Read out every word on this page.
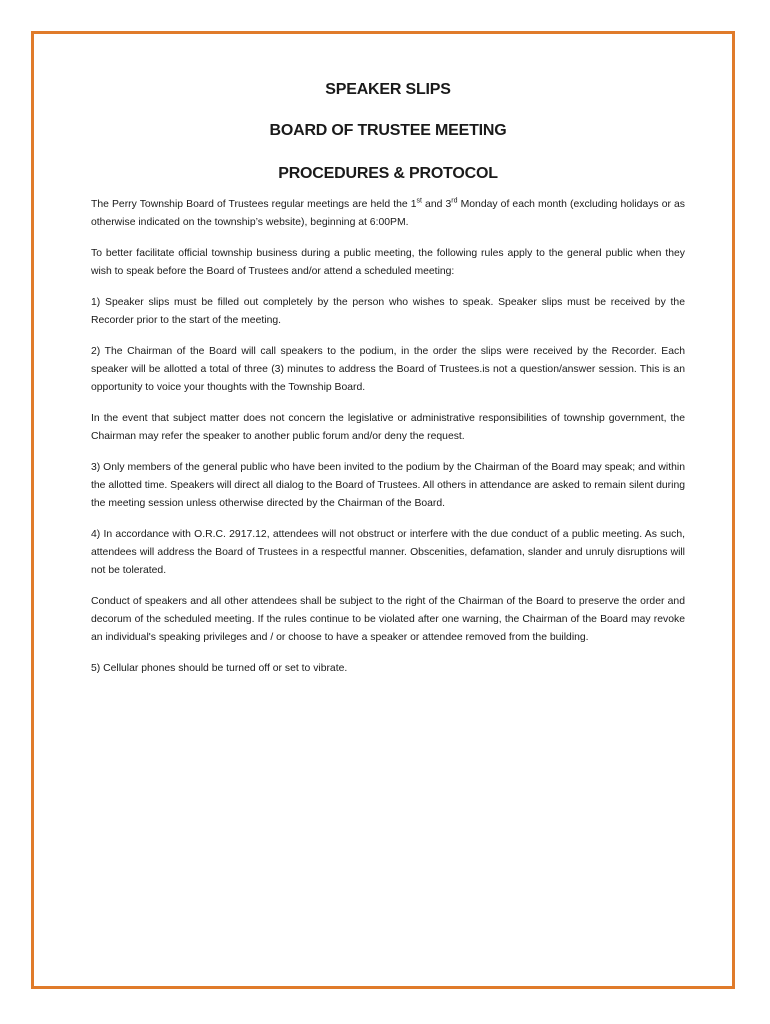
SPEAKER SLIPS

BOARD OF TRUSTEE MEETING

PROCEDURES & PROTOCOL

The Perry Township Board of Trustees regular meetings are held the 1st and 3rd Monday of each month (excluding holidays or as otherwise indicated on the township’s website), beginning at 6:00PM.

To better facilitate official township business during a public meeting, the following rules apply to the general public when they wish to speak before the Board of Trustees and/or attend a scheduled meeting:

1) Speaker slips must be filled out completely by the person who wishes to speak. Speaker slips must be received by the Recorder prior to the start of the meeting.

2) The Chairman of the Board will call speakers to the podium, in the order the slips were received by the Recorder. Each speaker will be allotted a total of three (3) minutes to address the Board of Trustees.is not a question/answer session. This is an opportunity to voice your thoughts with the Township Board.

In the event that subject matter does not concern the legislative or administrative responsibilities of township government, the Chairman may refer the speaker to another public forum and/or deny the request.

3) Only members of the general public who have been invited to the podium by the Chairman of the Board may speak; and within the allotted time. Speakers will direct all dialog to the Board of Trustees. All others in attendance are asked to remain silent during the meeting session unless otherwise directed by the Chairman of the Board.

4) In accordance with O.R.C. 2917.12, attendees will not obstruct or interfere with the due conduct of a public meeting. As such, attendees will address the Board of Trustees in a respectful manner. Obscenities, defamation, slander and unruly disruptions will not be tolerated.

Conduct of speakers and all other attendees shall be subject to the right of the Chairman of the Board to preserve the order and decorum of the scheduled meeting. If the rules continue to be violated after one warning, the Chairman of the Board may revoke an individual's speaking privileges and / or choose to have a speaker or attendee removed from the building.

5) Cellular phones should be turned off or set to vibrate.
